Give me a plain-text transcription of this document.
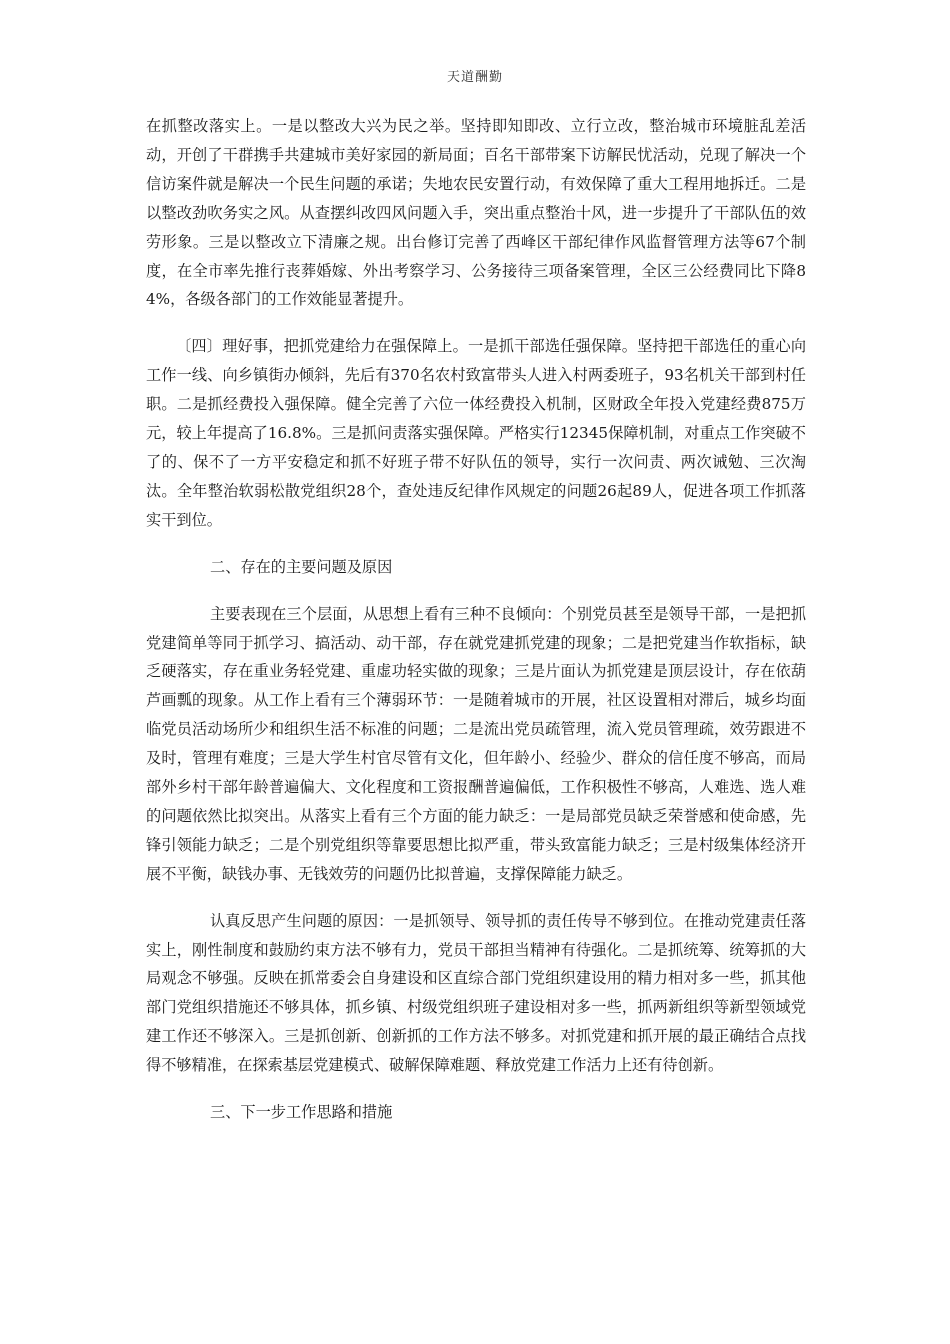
天道酬勤

在抓整改落实上。一是以整改大兴为民之举。坚持即知即改、立行立改，整治城市环境脏乱差活动，开创了干群携手共建城市美好家园的新局面；百名干部带案下访解民忧活动，兑现了解决一个信访案件就是解决一个民生问题的承诺；失地农民安置行动，有效保障了重大工程用地拆迁。二是以整改劲吹务实之风。从查摆纠改四风问题入手，突出重点整治十风，进一步提升了干部队伍的效劳形象。三是以整改立下清廉之规。出台修订完善了西峰区干部纪律作风监督管理方法等67个制度，在全市率先推行丧葬婚嫁、外出考察学习、公务接待三项备案管理，全区三公经费同比下降84%，各级各部门的工作效能显著提升。

〔四〕理好事，把抓党建给力在强保障上。一是抓干部选任强保障。坚持把干部选任的重心向工作一线、向乡镇街办倾斜，先后有370名农村致富带头人进入村两委班子，93名机关干部到村任职。二是抓经费投入强保障。健全完善了六位一体经费投入机制，区财政全年投入党建经费875万元，较上年提高了16.8%。三是抓问责落实强保障。严格实行12345保障机制，对重点工作突破不了的、保不了一方平安稳定和抓不好班子带不好队伍的领导，实行一次问责、两次诫勉、三次淘汰。全年整治软弱松散党组织28个，查处违反纪律作风规定的问题26起89人，促进各项工作抓落实干到位。

二、存在的主要问题及原因

主要表现在三个层面，从思想上看有三种不良倾向：个别党员甚至是领导干部，一是把抓党建简单等同于抓学习、搞活动、动干部，存在就党建抓党建的现象；二是把党建当作软指标，缺乏硬落实，存在重业务轻党建、重虚功轻实做的现象；三是片面认为抓党建是顶层设计，存在依葫芦画瓢的现象。从工作上看有三个薄弱环节：一是随着城市的开展，社区设置相对滞后，城乡均面临党员活动场所少和组织生活不标准的问题；二是流出党员疏管理，流入党员管理疏，效劳跟进不及时，管理有难度；三是大学生村官尽管有文化，但年龄小、经验少、群众的信任度不够高，而局部外乡村干部年龄普遍偏大、文化程度和工资报酬普遍偏低，工作积极性不够高，人难选、选人难的问题依然比拟突出。从落实上看有三个方面的能力缺乏：一是局部党员缺乏荣誉感和使命感，先锋引领能力缺乏；二是个别党组织等靠要思想比拟严重，带头致富能力缺乏；三是村级集体经济开展不平衡，缺钱办事、无钱效劳的问题仍比拟普遍，支撑保障能力缺乏。

认真反思产生问题的原因：一是抓领导、领导抓的责任传导不够到位。在推动党建责任落实上，刚性制度和鼓励约束方法不够有力，党员干部担当精神有待强化。二是抓统筹、统筹抓的大局观念不够强。反映在抓常委会自身建设和区直综合部门党组织建设用的精力相对多一些，抓其他部门党组织措施还不够具体，抓乡镇、村级党组织班子建设相对多一些，抓两新组织等新型领域党建工作还不够深入。三是抓创新、创新抓的工作方法不够多。对抓党建和抓开展的最正确结合点找得不够精准，在探索基层党建模式、破解保障难题、释放党建工作活力上还有待创新。

三、下一步工作思路和措施
